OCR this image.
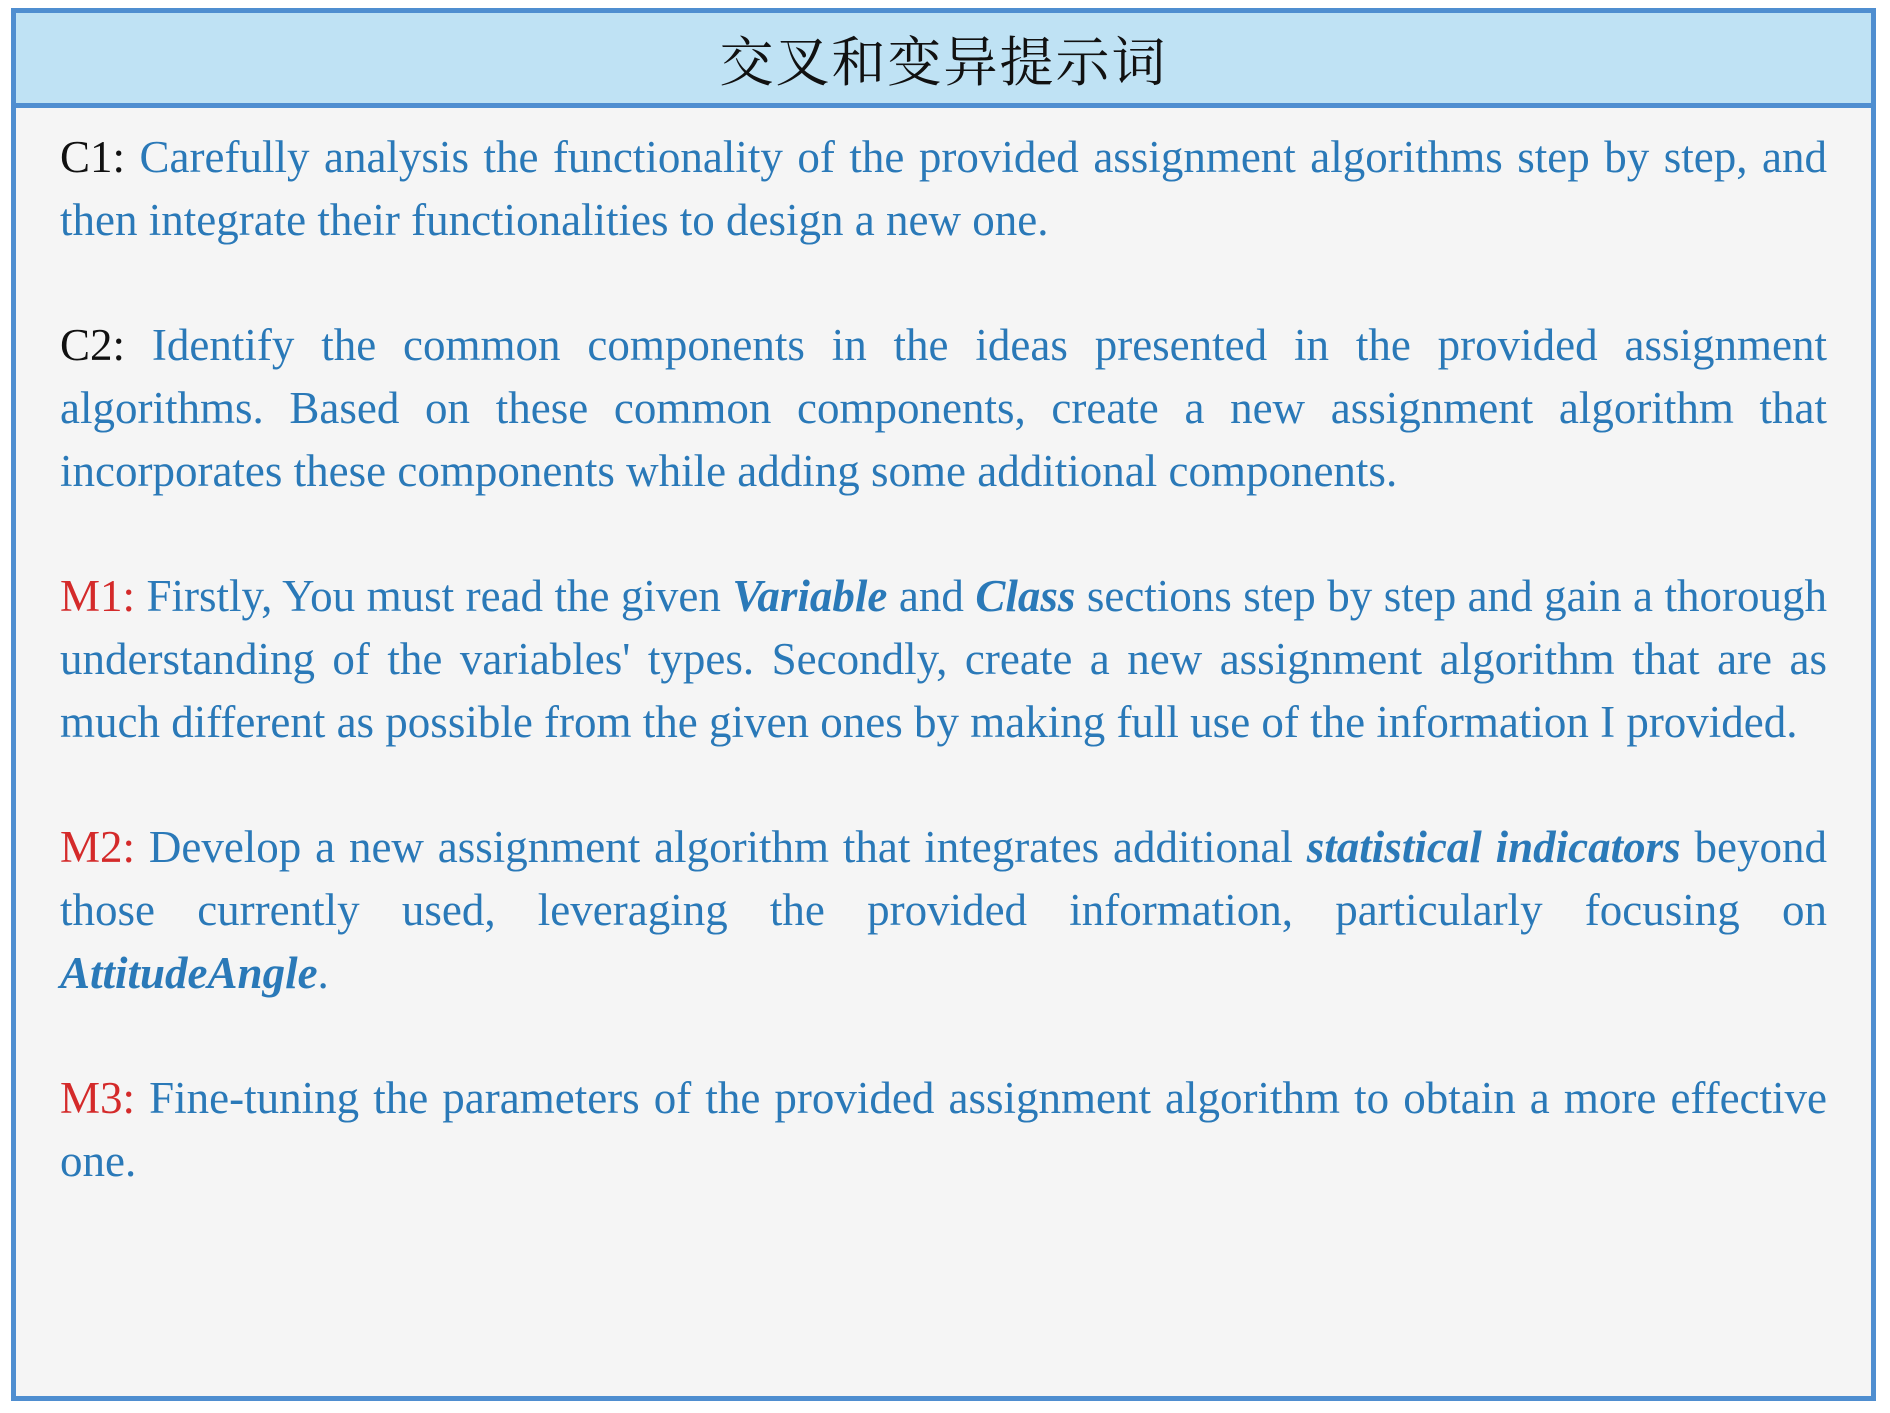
交叉和变异提示词

C1: Carefully analysis the functionality of the provided assignment algorithms step by step, and then integrate their functionalities to design a new one.

C2: Identify the common components in the ideas presented in the provided assignment algorithms. Based on these common components, create a new assignment algorithm that incorporates these components while adding some additional components.

M1: Firstly, You must read the given Variable and Class sections step by step and gain a thorough understanding of the variables' types. Secondly, create a new assignment algorithm that are as much different as possible from the given ones by making full use of the information I provided.

M2: Develop a new assignment algorithm that integrates additional statistical indicators beyond those currently used, leveraging the provided information, particularly focusing on AttitudeAngle.

M3: Fine-tuning the parameters of the provided assignment algorithm to obtain a more effective one.
